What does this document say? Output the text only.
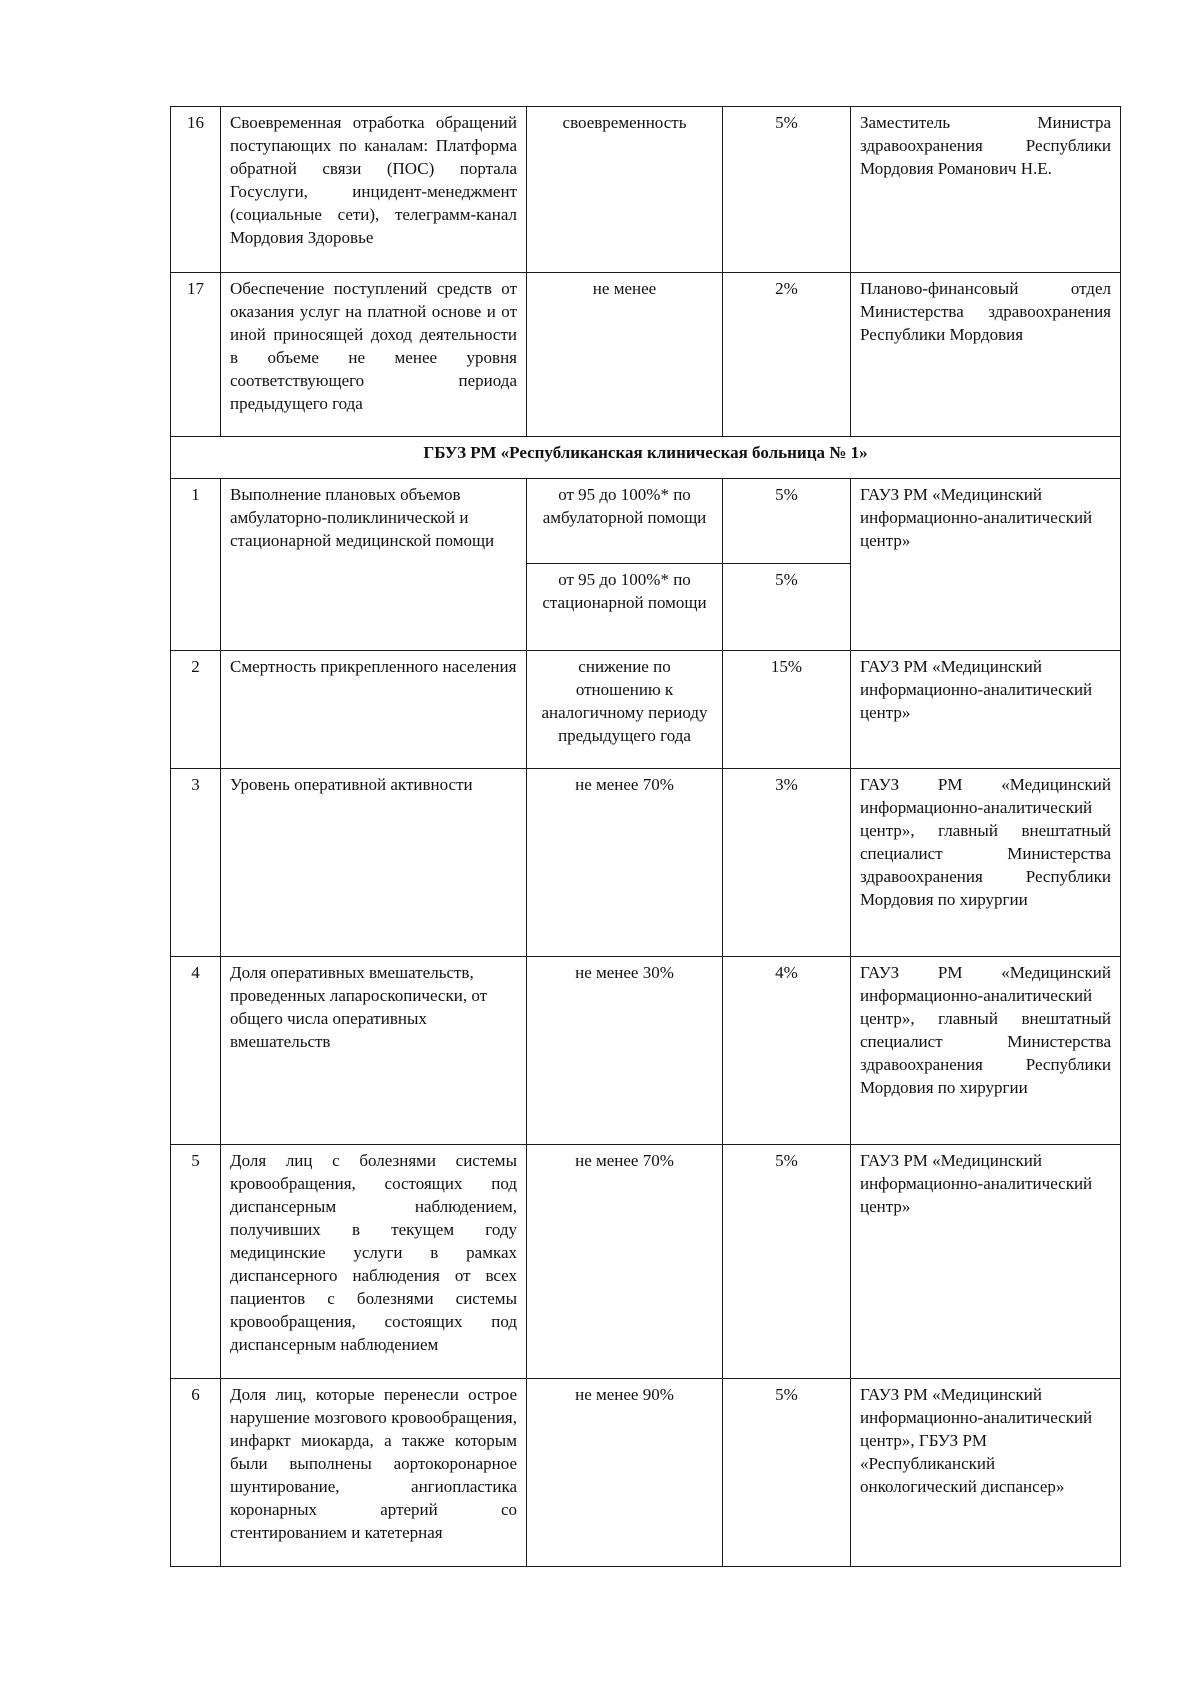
16	Своевременная отработка обращений поступающих по каналам: Платформа обратной связи (ПОС) портала Госуслуги, инцидент-менеджмент (социальные сети), телеграмм-канал Мордовия Здоровье	своевременность	5%	Заместитель Министра здравоохранения Республики Мордовия Романович Н.Е.
17	Обеспечение поступлений средств от оказания услуг на платной основе и от иной приносящей доход деятельности в объеме не менее уровня соответствующего периода предыдущего года	не менее	2%	Планово-финансовый отдел Министерства здравоохранения Республики Мордовия
ГБУЗ РМ «Республиканская клиническая больница № 1»				
1	Выполнение плановых объемов амбулаторно-поликлинической и стационарной медицинской помощи	от 95 до 100%* по амбулаторной помощи	5%	ГАУЗ РМ «Медицинский информационно-аналитический центр»
		от 95 до 100%* по стационарной помощи	5%	
2	Смертность прикрепленного населения	снижение по отношению к аналогичному периоду предыдущего года	15%	ГАУЗ РМ «Медицинский информационно-аналитический центр»
3	Уровень оперативной активности	не менее 70%	3%	ГАУЗ РМ «Медицинский информационно-аналитический центр», главный внештатный специалист Министерства здравоохранения Республики Мордовия по хирургии
4	Доля оперативных вмешательств, проведенных лапароскопически, от общего числа оперативных вмешательств	не менее 30%	4%	ГАУЗ РМ «Медицинский информационно-аналитический центр», главный внештатный специалист Министерства здравоохранения Республики Мордовия по хирургии
5	Доля лиц с болезнями системы кровообращения, состоящих под диспансерным наблюдением, получивших в текущем году медицинские услуги в рамках диспансерного наблюдения от всех пациентов с болезнями системы кровообращения, состоящих под диспансерным наблюдением	не менее 70%	5%	ГАУЗ РМ «Медицинский информационно-аналитический центр»
6	Доля лиц, которые перенесли острое нарушение мозгового кровообращения, инфаркт миокарда, а также которым были выполнены аортокоронарное шунтирование, ангиопластика коронарных артерий со стентированием и катетерная	не менее 90%	5%	ГАУЗ РМ «Медицинский информационно-аналитический центр», ГБУЗ РМ «Республиканский онкологический диспансер»
